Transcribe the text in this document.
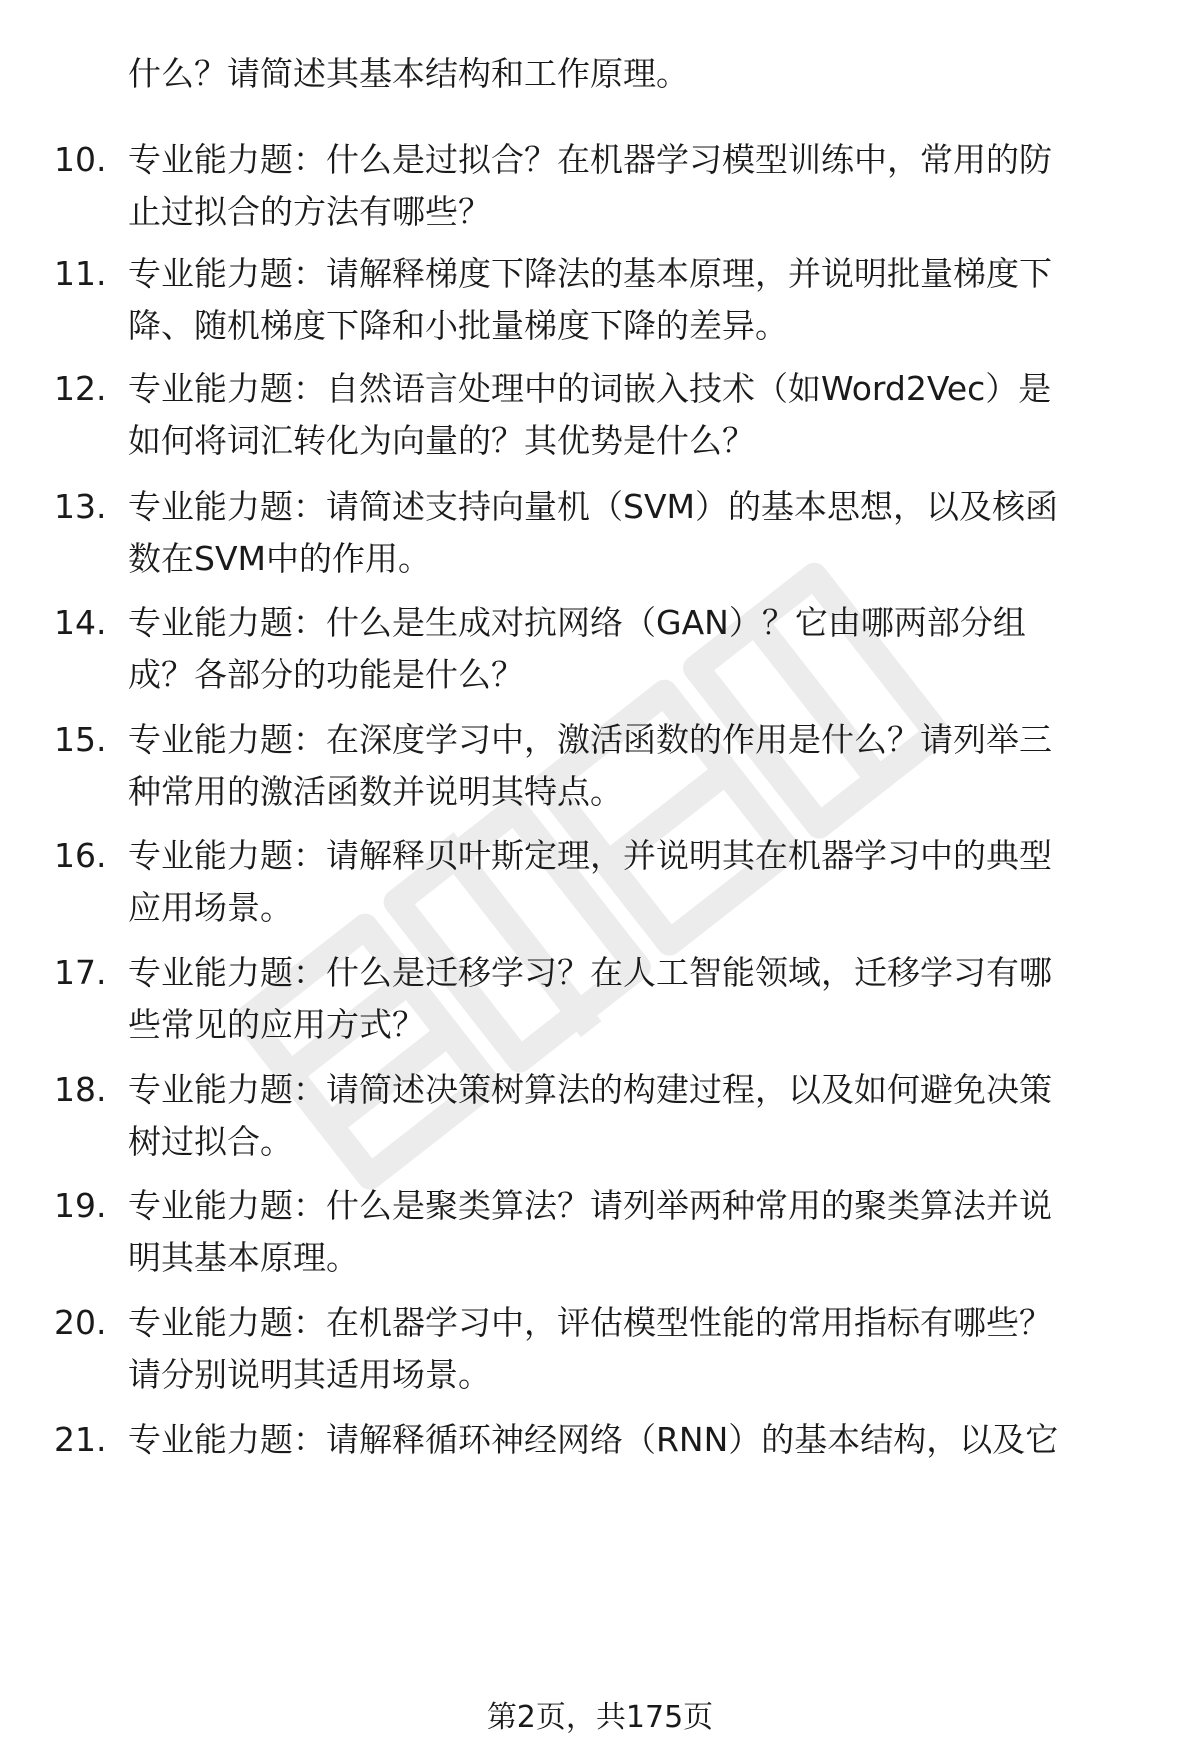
什么？请简述其基本结构和工作原理。
10. 专业能力题：什么是过拟合？在机器学习模型训练中，常用的防
止过拟合的方法有哪些？
11. 专业能力题：请解释梯度下降法的基本原理，并说明批量梯度下
降、随机梯度下降和小批量梯度下降的差异。
12. 专业能力题：自然语言处理中的词嵌入技术（如Word2Vec）是
如何将词汇转化为向量的？其优势是什么？
13. 专业能力题：请简述支持向量机（SVM）的基本思想，以及核函
数在SVM中的作用。
14. 专业能力题：什么是生成对抗网络（GAN）？它由哪两部分组
成？各部分的功能是什么？
15. 专业能力题：在深度学习中，激活函数的作用是什么？请列举三
种常用的激活函数并说明其特点。
16. 专业能力题：请解释贝叶斯定理，并说明其在机器学习中的典型
应用场景。
17. 专业能力题：什么是迁移学习？在人工智能领域，迁移学习有哪
些常见的应用方式？
18. 专业能力题：请简述决策树算法的构建过程，以及如何避免决策
树过拟合。
19. 专业能力题：什么是聚类算法？请列举两种常用的聚类算法并说
明其基本原理。
20. 专业能力题：在机器学习中，评估模型性能的常用指标有哪些？
请分别说明其适用场景。
21. 专业能力题：请解释循环神经网络（RNN）的基本结构，以及它
第2页，共175页
